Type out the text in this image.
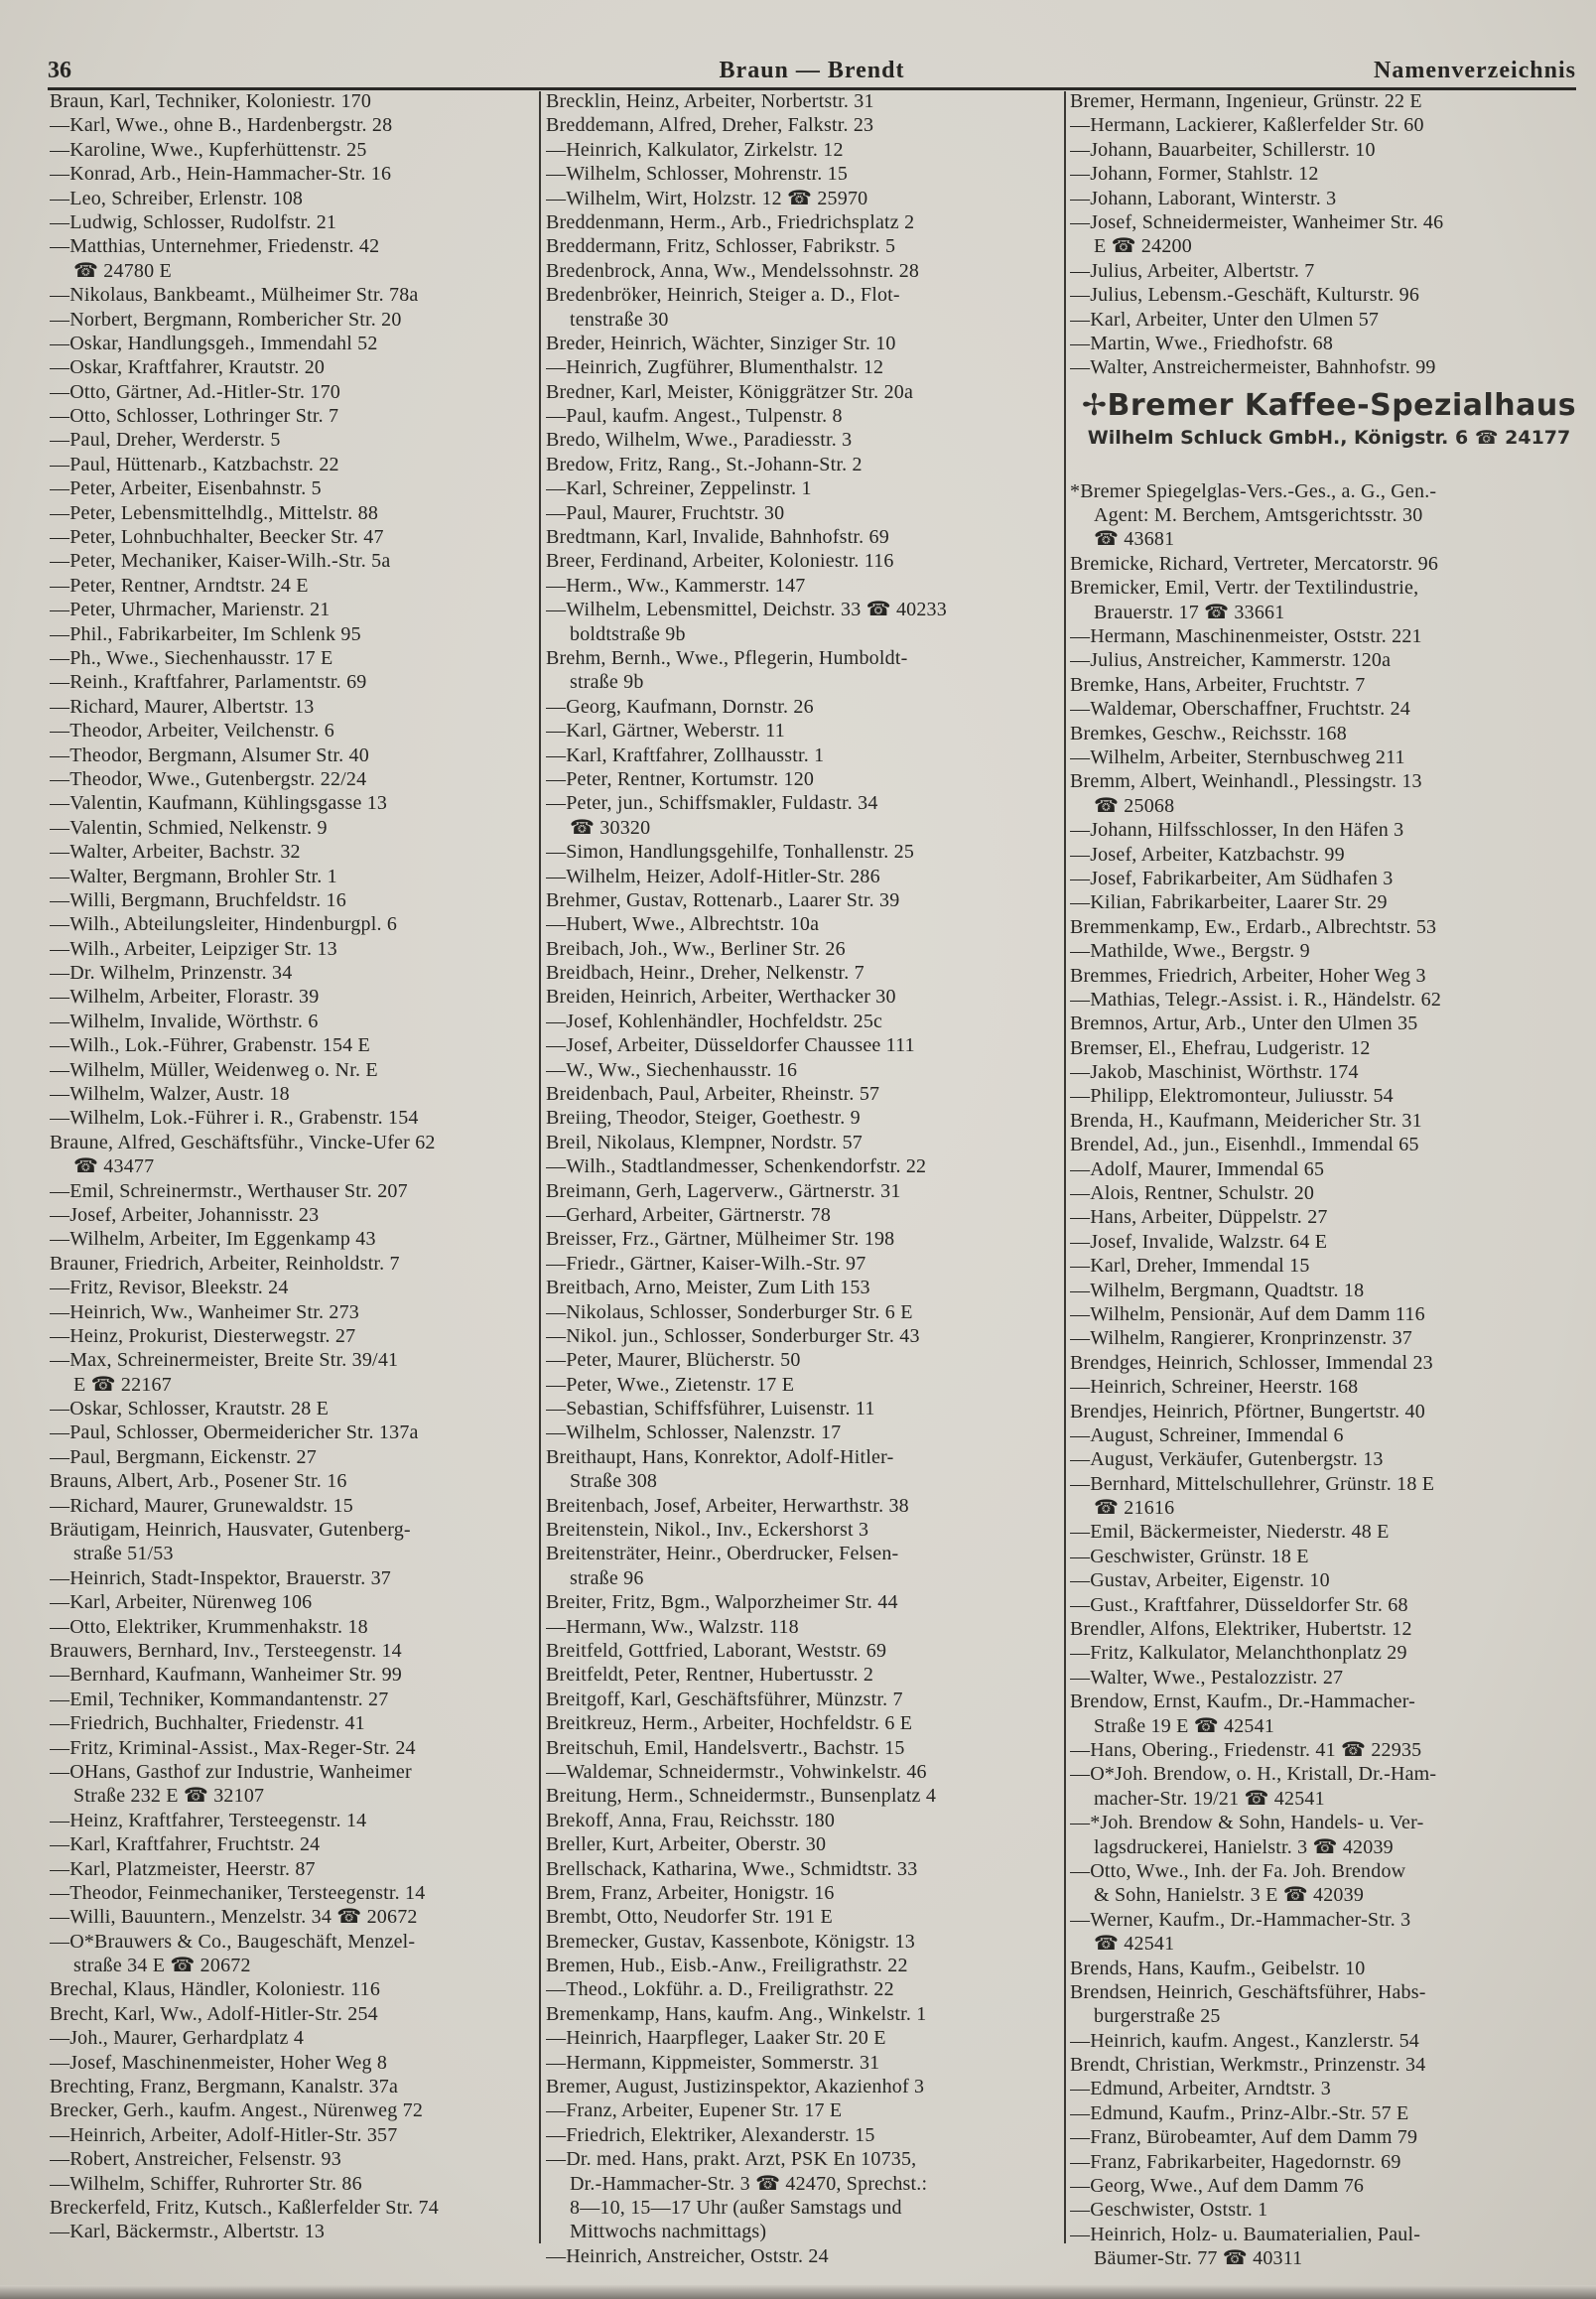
36	Braun — Brendt	Namenverzeichnis
Braun, Karl, Techniker, Koloniestr. 170
—Karl, Wwe., ohne B., Hardenbergstr. 28
—Karoline, Wwe., Kupferhüttenstr. 25
—Konrad, Arb., Hein-Hammacher-Str. 16
—Leo, Schreiber, Erlenstr. 108
—Ludwig, Schlosser, Rudolfstr. 21
—Matthias, Unternehmer, Friedenstr. 42
☎ 24780 E
—Nikolaus, Bankbeamt., Mülheimer Str. 78a
—Norbert, Bergmann, Rombericher Str. 20
—Oskar, Handlungsgeh., Immendahl 52
—Oskar, Kraftfahrer, Krautstr. 20
—Otto, Gärtner, Ad.-Hitler-Str. 170
—Otto, Schlosser, Lothringer Str. 7
—Paul, Dreher, Werderstr. 5
—Paul, Hüttenarb., Katzbachstr. 22
—Peter, Arbeiter, Eisenbahnstr. 5
—Peter, Lebensmittelhdlg., Mittelstr. 88
—Peter, Lohnbuchhalter, Beecker Str. 47
—Peter, Mechaniker, Kaiser-Wilh.-Str. 5a
—Peter, Rentner, Arndtstr. 24 E
—Peter, Uhrmacher, Marienstr. 21
—Phil., Fabrikarbeiter, Im Schlenk 95
—Ph., Wwe., Siechenhausstr. 17 E
—Reinh., Kraftfahrer, Parlamentstr. 69
—Richard, Maurer, Albertstr. 13
—Theodor, Arbeiter, Veilchenstr. 6
—Theodor, Bergmann, Alsumer Str. 40
—Theodor, Wwe., Gutenbergstr. 22/24
—Valentin, Kaufmann, Kühlingsgasse 13
—Valentin, Schmied, Nelkenstr. 9
—Walter, Arbeiter, Bachstr. 32
—Walter, Bergmann, Brohler Str. 1
—Willi, Bergmann, Bruchfeldstr. 16
—Wilh., Abteilungsleiter, Hindenburgpl. 6
—Wilh., Arbeiter, Leipziger Str. 13
—Dr. Wilhelm, Prinzenstr. 34
—Wilhelm, Arbeiter, Florastr. 39
—Wilhelm, Invalide, Wörthstr. 6
—Wilh., Lok.-Führer, Grabenstr. 154 E
—Wilhelm, Müller, Weidenweg o. Nr. E
—Wilhelm, Walzer, Austr. 18
—Wilhelm, Lok.-Führer i. R., Grabenstr. 154
Braune, Alfred, Geschäftsführ., Vincke-Ufer 62
☎ 43477
—Emil, Schreinermstr., Werthauser Str. 207
—Josef, Arbeiter, Johannisstr. 23
—Wilhelm, Arbeiter, Im Eggenkamp 43
Brauner, Friedrich, Arbeiter, Reinholdstr. 7
—Fritz, Revisor, Bleekstr. 24
—Heinrich, Ww., Wanheimer Str. 273
—Heinz, Prokurist, Diesterwegstr. 27
—Max, Schreinermeister, Breite Str. 39/41
E ☎ 22167
—Oskar, Schlosser, Krautstr. 28 E
—Paul, Schlosser, Obermeidericher Str. 137a
—Paul, Bergmann, Eickenstr. 27
Brauns, Albert, Arb., Posener Str. 16
—Richard, Maurer, Grunewaldstr. 15
Bräutigam, Heinrich, Hausvater, Gutenberg-
straße 51/53
—Heinrich, Stadt-Inspektor, Brauerstr. 37
—Karl, Arbeiter, Nürenweg 106
—Otto, Elektriker, Krummenhakstr. 18
Brauwers, Bernhard, Inv., Tersteegenstr. 14
—Bernhard, Kaufmann, Wanheimer Str. 99
—Emil, Techniker, Kommandantenstr. 27
—Friedrich, Buchhalter, Friedenstr. 41
—Fritz, Kriminal-Assist., Max-Reger-Str. 24
—OHans, Gasthof zur Industrie, Wanheimer
Straße 232 E ☎ 32107
—Heinz, Kraftfahrer, Tersteegenstr. 14
—Karl, Kraftfahrer, Fruchtstr. 24
—Karl, Platzmeister, Heerstr. 87
—Theodor, Feinmechaniker, Tersteegenstr. 14
—Willi, Bauuntern., Menzelstr. 34 ☎ 20672
—O*Brauwers & Co., Baugeschäft, Menzel-
straße 34 E ☎ 20672
Brechal, Klaus, Händler, Koloniestr. 116
Brecht, Karl, Ww., Adolf-Hitler-Str. 254
—Joh., Maurer, Gerhardplatz 4
—Josef, Maschinenmeister, Hoher Weg 8
Brechting, Franz, Bergmann, Kanalstr. 37a
Brecker, Gerh., kaufm. Angest., Nürenweg 72
—Heinrich, Arbeiter, Adolf-Hitler-Str. 357
—Robert, Anstreicher, Felsenstr. 93
—Wilhelm, Schiffer, Ruhrorter Str. 86
Breckerfeld, Fritz, Kutsch., Kaßlerfelder Str. 74
—Karl, Bäckermstr., Albertstr. 13
Brecklin, Heinz, Arbeiter, Norbertstr. 31
Breddemann, Alfred, Dreher, Falkstr. 23
—Heinrich, Kalkulator, Zirkelstr. 12
—Wilhelm, Schlosser, Mohrenstr. 15
—Wilhelm, Wirt, Holzstr. 12 ☎ 25970
Breddenmann, Herm., Arb., Friedrichsplatz 2
Breddermann, Fritz, Schlosser, Fabrikstr. 5
Bredenbrock, Anna, Ww., Mendelssohnstr. 28
Bredenbröker, Heinrich, Steiger a. D., Flot-
tenstraße 30
Breder, Heinrich, Wächter, Sinziger Str. 10
—Heinrich, Zugführer, Blumenthalstr. 12
Bredner, Karl, Meister, Königgrätzer Str. 20a
—Paul, kaufm. Angest., Tulpenstr. 8
Bredo, Wilhelm, Wwe., Paradiesstr. 3
Bredow, Fritz, Rang., St.-Johann-Str. 2
—Karl, Schreiner, Zeppelinstr. 1
—Paul, Maurer, Fruchtstr. 30
Bredtmann, Karl, Invalide, Bahnhofstr. 69
Breer, Ferdinand, Arbeiter, Koloniestr. 116
—Herm., Ww., Kammerstr. 147
—Wilhelm, Lebensmittel, Deichstr. 33 ☎ 40233
boldtstraße 9b
Brehm, Bernh., Wwe., Pflegerin, Humboldt-
straße 9b
—Georg, Kaufmann, Dornstr. 26
—Karl, Gärtner, Weberstr. 11
—Karl, Kraftfahrer, Zollhausstr. 1
—Peter, Rentner, Kortumstr. 120
—Peter, jun., Schiffsmakler, Fuldastr. 34
☎ 30320
—Simon, Handlungsgehilfe, Tonhallenstr. 25
—Wilhelm, Heizer, Adolf-Hitler-Str. 286
Brehmer, Gustav, Rottenarb., Laarer Str. 39
—Hubert, Wwe., Albrechtstr. 10a
Breibach, Joh., Ww., Berliner Str. 26
Breidbach, Heinr., Dreher, Nelkenstr. 7
Breiden, Heinrich, Arbeiter, Werthacker 30
—Josef, Kohlenhändler, Hochfeldstr. 25c
—Josef, Arbeiter, Düsseldorfer Chaussee 111
—W., Ww., Siechenhausstr. 16
Breidenbach, Paul, Arbeiter, Rheinstr. 57
Breiing, Theodor, Steiger, Goethestr. 9
Breil, Nikolaus, Klempner, Nordstr. 57
—Wilh., Stadtlandmesser, Schenkendorfstr. 22
Breimann, Gerh, Lagerverw., Gärtnerstr. 31
—Gerhard, Arbeiter, Gärtnerstr. 78
Breisser, Frz., Gärtner, Mülheimer Str. 198
—Friedr., Gärtner, Kaiser-Wilh.-Str. 97
Breitbach, Arno, Meister, Zum Lith 153
—Nikolaus, Schlosser, Sonderburger Str. 6 E
—Nikol. jun., Schlosser, Sonderburger Str. 43
—Peter, Maurer, Blücherstr. 50
—Peter, Wwe., Zietenstr. 17 E
—Sebastian, Schiffsführer, Luisenstr. 11
—Wilhelm, Schlosser, Nalenzstr. 17
Breithaupt, Hans, Konrektor, Adolf-Hitler-
Straße 308
Breitenbach, Josef, Arbeiter, Herwarthstr. 38
Breitenstein, Nikol., Inv., Eckershorst 3
Breitensträter, Heinr., Oberdrucker, Felsen-
straße 96
Breiter, Fritz, Bgm., Walporzheimer Str. 44
—Hermann, Ww., Walzstr. 118
Breitfeld, Gottfried, Laborant, Weststr. 69
Breitfeldt, Peter, Rentner, Hubertusstr. 2
Breitgoff, Karl, Geschäftsführer, Münzstr. 7
Breitkreuz, Herm., Arbeiter, Hochfeldstr. 6 E
Breitschuh, Emil, Handelsvertr., Bachstr. 15
—Waldemar, Schneidermstr., Vohwinkelstr. 46
Breitung, Herm., Schneidermstr., Bunsenplatz 4
Brekoff, Anna, Frau, Reichsstr. 180
Breller, Kurt, Arbeiter, Oberstr. 30
Brellschack, Katharina, Wwe., Schmidtstr. 33
Brem, Franz, Arbeiter, Honigstr. 16
Brembt, Otto, Neudorfer Str. 191 E
Bremecker, Gustav, Kassenbote, Königstr. 13
Bremen, Hub., Eisb.-Anw., Freiligrathstr. 22
—Theod., Lokführ. a. D., Freiligrathstr. 22
Bremenkamp, Hans, kaufm. Ang., Winkelstr. 1
—Heinrich, Haarpfleger, Laaker Str. 20 E
—Hermann, Kippmeister, Sommerstr. 31
Bremer, August, Justizinspektor, Akazienhof 3
—Franz, Arbeiter, Eupener Str. 17 E
—Friedrich, Elektriker, Alexanderstr. 15
—Dr. med. Hans, prakt. Arzt, PSK En 10735,
Dr.-Hammacher-Str. 3 ☎ 42470, Sprechst.:
8—10, 15—17 Uhr (außer Samstags und
Mittwochs nachmittags)
—Heinrich, Anstreicher, Oststr. 24
Bremer, Hermann, Ingenieur, Grünstr. 22 E
—Hermann, Lackierer, Kaßlerfelder Str. 60
—Johann, Bauarbeiter, Schillerstr. 10
—Johann, Former, Stahlstr. 12
—Johann, Laborant, Winterstr. 3
—Josef, Schneidermeister, Wanheimer Str. 46
E ☎ 24200
—Julius, Arbeiter, Albertstr. 7
—Julius, Lebensm.-Geschäft, Kulturstr. 96
—Karl, Arbeiter, Unter den Ulmen 57
—Martin, Wwe., Friedhofstr. 68
—Walter, Anstreichermeister, Bahnhofstr. 99
✢Bremer Kaffee-Spezialhaus
Wilhelm Schluck GmbH., Königstr. 6 ☎ 24177
*Bremer Spiegelglas-Vers.-Ges., a. G., Gen.-
Agent: M. Berchem, Amtsgerichtsstr. 30
☎ 43681
Bremicke, Richard, Vertreter, Mercatorstr. 96
Bremicker, Emil, Vertr. der Textilindustrie,
Brauerstr. 17 ☎ 33661
—Hermann, Maschinenmeister, Oststr. 221
—Julius, Anstreicher, Kammerstr. 120a
Bremke, Hans, Arbeiter, Fruchtstr. 7
—Waldemar, Oberschaffner, Fruchtstr. 24
Bremkes, Geschw., Reichsstr. 168
—Wilhelm, Arbeiter, Sternbuschweg 211
Bremm, Albert, Weinhandl., Plessingstr. 13
☎ 25068
—Johann, Hilfsschlosser, In den Häfen 3
—Josef, Arbeiter, Katzbachstr. 99
—Josef, Fabrikarbeiter, Am Südhafen 3
—Kilian, Fabrikarbeiter, Laarer Str. 29
Bremmenkamp, Ew., Erdarb., Albrechtstr. 53
—Mathilde, Wwe., Bergstr. 9
Bremmes, Friedrich, Arbeiter, Hoher Weg 3
—Mathias, Telegr.-Assist. i. R., Händelstr. 62
Bremnos, Artur, Arb., Unter den Ulmen 35
Bremser, El., Ehefrau, Ludgeristr. 12
—Jakob, Maschinist, Wörthstr. 174
—Philipp, Elektromonteur, Juliusstr. 54
Brenda, H., Kaufmann, Meidericher Str. 31
Brendel, Ad., jun., Eisenhdl., Immendal 65
—Adolf, Maurer, Immendal 65
—Alois, Rentner, Schulstr. 20
—Hans, Arbeiter, Düppelstr. 27
—Josef, Invalide, Walzstr. 64 E
—Karl, Dreher, Immendal 15
—Wilhelm, Bergmann, Quadtstr. 18
—Wilhelm, Pensionär, Auf dem Damm 116
—Wilhelm, Rangierer, Kronprinzenstr. 37
Brendges, Heinrich, Schlosser, Immendal 23
—Heinrich, Schreiner, Heerstr. 168
Brendjes, Heinrich, Pförtner, Bungertstr. 40
—August, Schreiner, Immendal 6
—August, Verkäufer, Gutenbergstr. 13
—Bernhard, Mittelschullehrer, Grünstr. 18 E
☎ 21616
—Emil, Bäckermeister, Niederstr. 48 E
—Geschwister, Grünstr. 18 E
—Gustav, Arbeiter, Eigenstr. 10
—Gust., Kraftfahrer, Düsseldorfer Str. 68
Brendler, Alfons, Elektriker, Hubertstr. 12
—Fritz, Kalkulator, Melanchthonplatz 29
—Walter, Wwe., Pestalozzistr. 27
Brendow, Ernst, Kaufm., Dr.-Hammacher-
Straße 19 E ☎ 42541
—Hans, Obering., Friedenstr. 41 ☎ 22935
—O*Joh. Brendow, o. H., Kristall, Dr.-Ham-
macher-Str. 19/21 ☎ 42541
—*Joh. Brendow & Sohn, Handels- u. Ver-
lagsdruckerei, Hanielstr. 3 ☎ 42039
—Otto, Wwe., Inh. der Fa. Joh. Brendow
& Sohn, Hanielstr. 3 E ☎ 42039
—Werner, Kaufm., Dr.-Hammacher-Str. 3
☎ 42541
Brends, Hans, Kaufm., Geibelstr. 10
Brendsen, Heinrich, Geschäftsführer, Habs-
burgerstraße 25
—Heinrich, kaufm. Angest., Kanzlerstr. 54
Brendt, Christian, Werkmstr., Prinzenstr. 34
—Edmund, Arbeiter, Arndtstr. 3
—Edmund, Kaufm., Prinz-Albr.-Str. 57 E
—Franz, Bürobeamter, Auf dem Damm 79
—Franz, Fabrikarbeiter, Hagedornstr. 69
—Georg, Wwe., Auf dem Damm 76
—Geschwister, Oststr. 1
—Heinrich, Holz- u. Baumaterialien, Paul-
Bäumer-Str. 77 ☎ 40311
